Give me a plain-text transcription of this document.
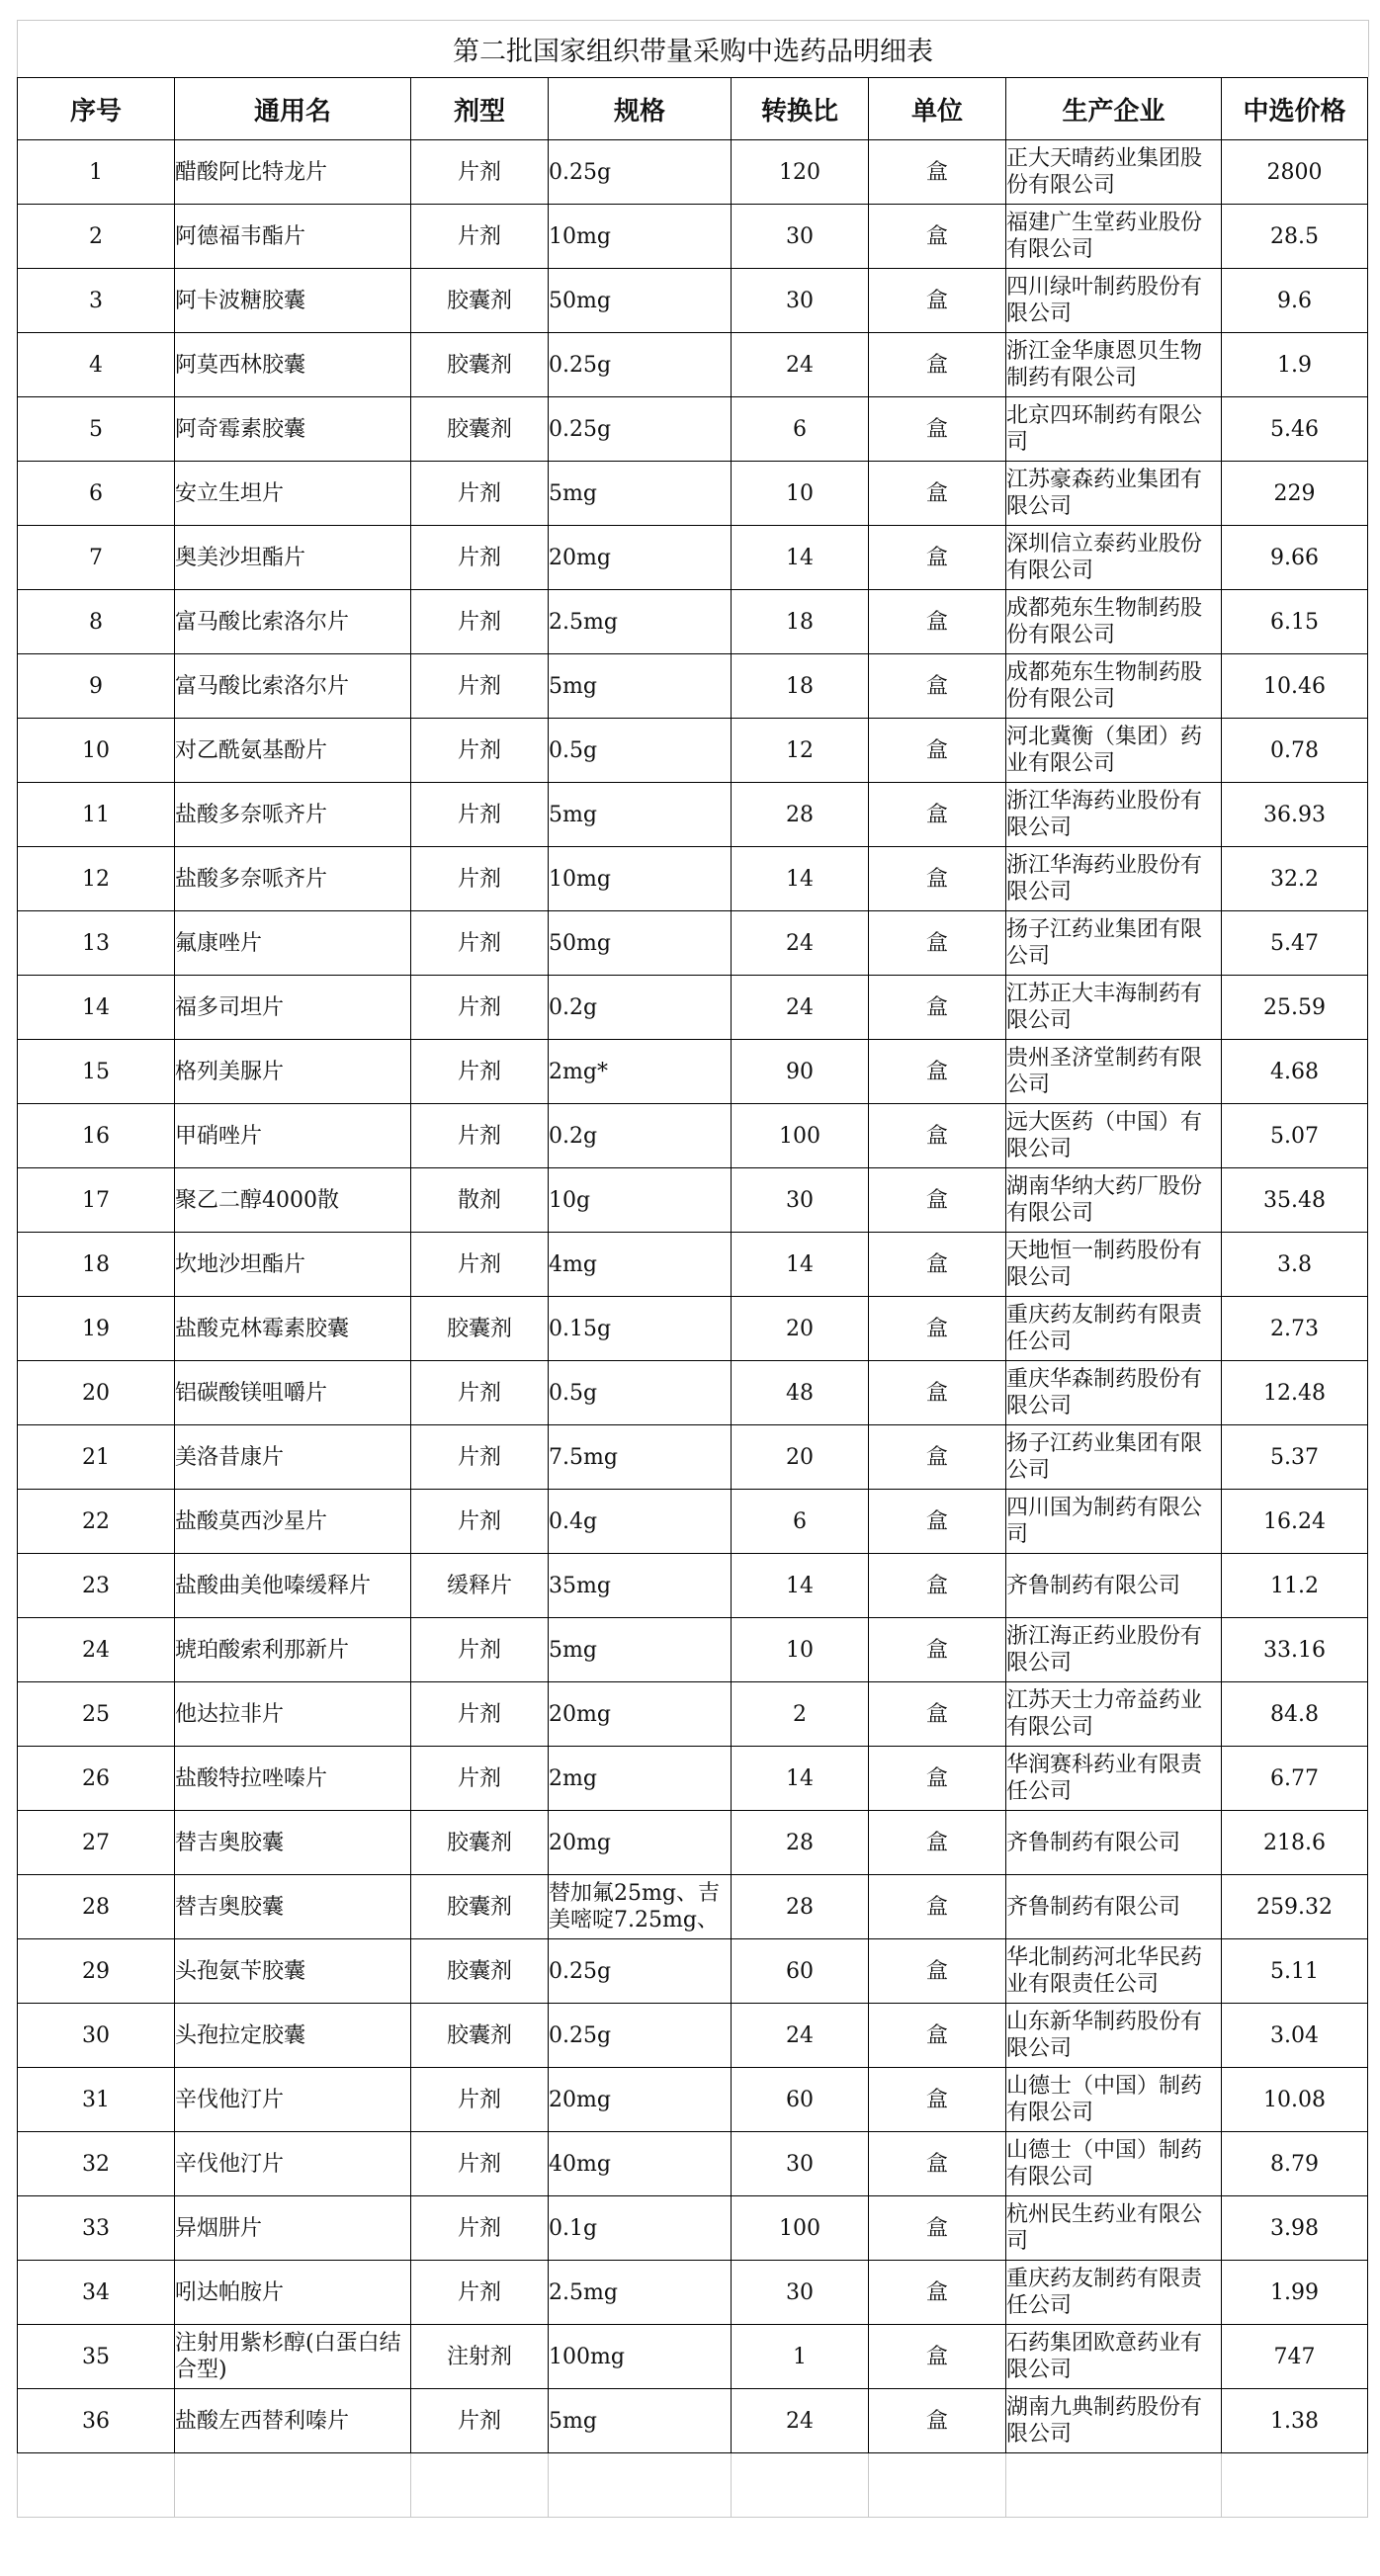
第二批国家组织带量采购中选药品明细表
序号	通用名	剂型	规格	转换比	单位	生产企业	中选价格
1	醋酸阿比特龙片	片剂	0.25g	120	盒	正大天晴药业集团股份有限公司	2800
2	阿德福韦酯片	片剂	10mg	30	盒	福建广生堂药业股份有限公司	28.5
3	阿卡波糖胶囊	胶囊剂	50mg	30	盒	四川绿叶制药股份有限公司	9.6
4	阿莫西林胶囊	胶囊剂	0.25g	24	盒	浙江金华康恩贝生物制药有限公司	1.9
5	阿奇霉素胶囊	胶囊剂	0.25g	6	盒	北京四环制药有限公司	5.46
6	安立生坦片	片剂	5mg	10	盒	江苏豪森药业集团有限公司	229
7	奥美沙坦酯片	片剂	20mg	14	盒	深圳信立泰药业股份有限公司	9.66
8	富马酸比索洛尔片	片剂	2.5mg	18	盒	成都苑东生物制药股份有限公司	6.15
9	富马酸比索洛尔片	片剂	5mg	18	盒	成都苑东生物制药股份有限公司	10.46
10	对乙酰氨基酚片	片剂	0.5g	12	盒	河北冀衡（集团）药业有限公司	0.78
11	盐酸多奈哌齐片	片剂	5mg	28	盒	浙江华海药业股份有限公司	36.93
12	盐酸多奈哌齐片	片剂	10mg	14	盒	浙江华海药业股份有限公司	32.2
13	氟康唑片	片剂	50mg	24	盒	扬子江药业集团有限公司	5.47
14	福多司坦片	片剂	0.2g	24	盒	江苏正大丰海制药有限公司	25.59
15	格列美脲片	片剂	2mg*	90	盒	贵州圣济堂制药有限公司	4.68
16	甲硝唑片	片剂	0.2g	100	盒	远大医药（中国）有限公司	5.07
17	聚乙二醇4000散	散剂	10g	30	盒	湖南华纳大药厂股份有限公司	35.48
18	坎地沙坦酯片	片剂	4mg	14	盒	天地恒一制药股份有限公司	3.8
19	盐酸克林霉素胶囊	胶囊剂	0.15g	20	盒	重庆药友制药有限责任公司	2.73
20	铝碳酸镁咀嚼片	片剂	0.5g	48	盒	重庆华森制药股份有限公司	12.48
21	美洛昔康片	片剂	7.5mg	20	盒	扬子江药业集团有限公司	5.37
22	盐酸莫西沙星片	片剂	0.4g	6	盒	四川国为制药有限公司	16.24
23	盐酸曲美他嗪缓释片	缓释片	35mg	14	盒	齐鲁制药有限公司	11.2
24	琥珀酸索利那新片	片剂	5mg	10	盒	浙江海正药业股份有限公司	33.16
25	他达拉非片	片剂	20mg	2	盒	江苏天士力帝益药业有限公司	84.8
26	盐酸特拉唑嗪片	片剂	2mg	14	盒	华润赛科药业有限责任公司	6.77
27	替吉奥胶囊	胶囊剂	20mg	28	盒	齐鲁制药有限公司	218.6
28	替吉奥胶囊	胶囊剂	替加氟25mg、吉美嘧啶7.25mg、	28	盒	齐鲁制药有限公司	259.32
29	头孢氨苄胶囊	胶囊剂	0.25g	60	盒	华北制药河北华民药业有限责任公司	5.11
30	头孢拉定胶囊	胶囊剂	0.25g	24	盒	山东新华制药股份有限公司	3.04
31	辛伐他汀片	片剂	20mg	60	盒	山德士（中国）制药有限公司	10.08
32	辛伐他汀片	片剂	40mg	30	盒	山德士（中国）制药有限公司	8.79
33	异烟肼片	片剂	0.1g	100	盒	杭州民生药业有限公司	3.98
34	吲达帕胺片	片剂	2.5mg	30	盒	重庆药友制药有限责任公司	1.99
35	注射用紫杉醇(白蛋白结合型)	注射剂	100mg	1	盒	石药集团欧意药业有限公司	747
36	盐酸左西替利嗪片	片剂	5mg	24	盒	湖南九典制药股份有限公司	1.38
